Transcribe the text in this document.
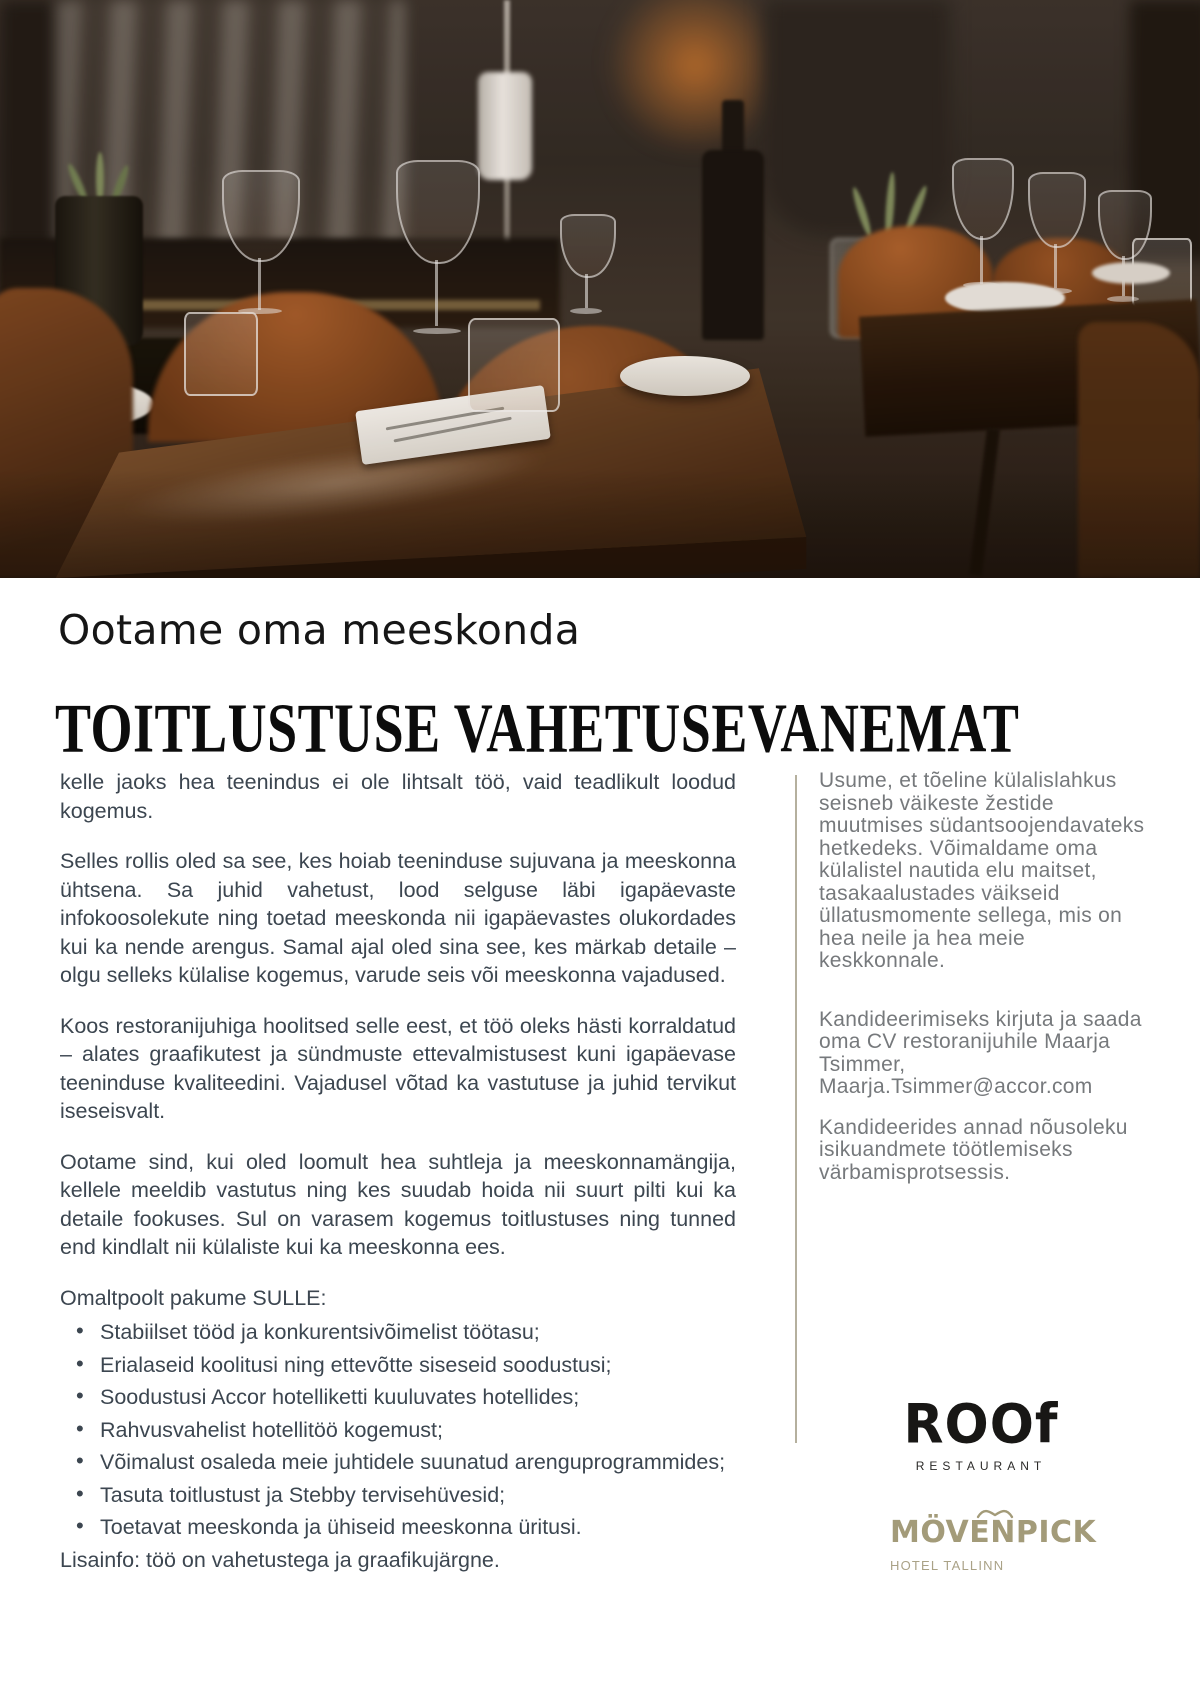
Ootame oma meeskonda
TOITLUSTUSE VAHETUSEVANEMAT

kelle jaoks hea teenindus ei ole lihtsalt töö, vaid teadlikult loodud kogemus.

Selles rollis oled sa see, kes hoiab teeninduse sujuvana ja meeskonna ühtsena. Sa juhid vahetust, lood selguse läbi igapäevaste infokoosolekute ning toetad meeskonda nii igapäevastes olukordades kui ka nende arengus. Samal ajal oled sina see, kes märkab detaile – olgu selleks külalise kogemus, varude seis või meeskonna vajadused.

Koos restoranijuhiga hoolitsed selle eest, et töö oleks hästi korraldatud – alates graafikutest ja sündmuste ettevalmistusest kuni igapäevase teeninduse kvaliteedini. Vajadusel võtad ka vastutuse ja juhid tervikut iseseisvalt.

Ootame sind, kui oled loomult hea suhtleja ja meeskonnamängija, kellele meeldib vastutus ning kes suudab hoida nii suurt pilti kui ka detaile fookuses. Sul on varasem kogemus toitlustuses ning tunned end kindlalt nii külaliste kui ka meeskonna ees.

Omaltpoolt pakume SULLE:

• Stabiilset tööd ja konkurentsivõimelist töötasu;
• Erialaseid koolitusi ning ettevõtte siseseid soodustusi;
• Soodustusi Accor hotelliketti kuuluvates hotellides;
• Rahvusvahelist hotellitöö kogemust;
• Võimalust osaleda meie juhtidele suunatud arenguprogrammides;
• Tasuta toitlustust ja Stebby tervisehüvesid;
• Toetavat meeskonda ja ühiseid meeskonna üritusi.

Lisainfo: töö on vahetustega ja graafikujärgne.

Usume, et tõeline külalislahkus seisneb väikeste žestide muutmises südantsoojendavateks hetkedeks. Võimaldame oma külalistel nautida elu maitset, tasakaalustades väikseid üllatusmomente sellega, mis on hea neile ja hea meie keskkonnale.

Kandideerimiseks kirjuta ja saada oma CV restoranijuhile Maarja Tsimmer, Maarja.Tsimmer@accor.com

Kandideerides annad nõusoleku isikuandmete töötlemiseks värbamisprotsessis.

ROOf
RESTAURANT
MÖVENPICK
HOTEL TALLINN
